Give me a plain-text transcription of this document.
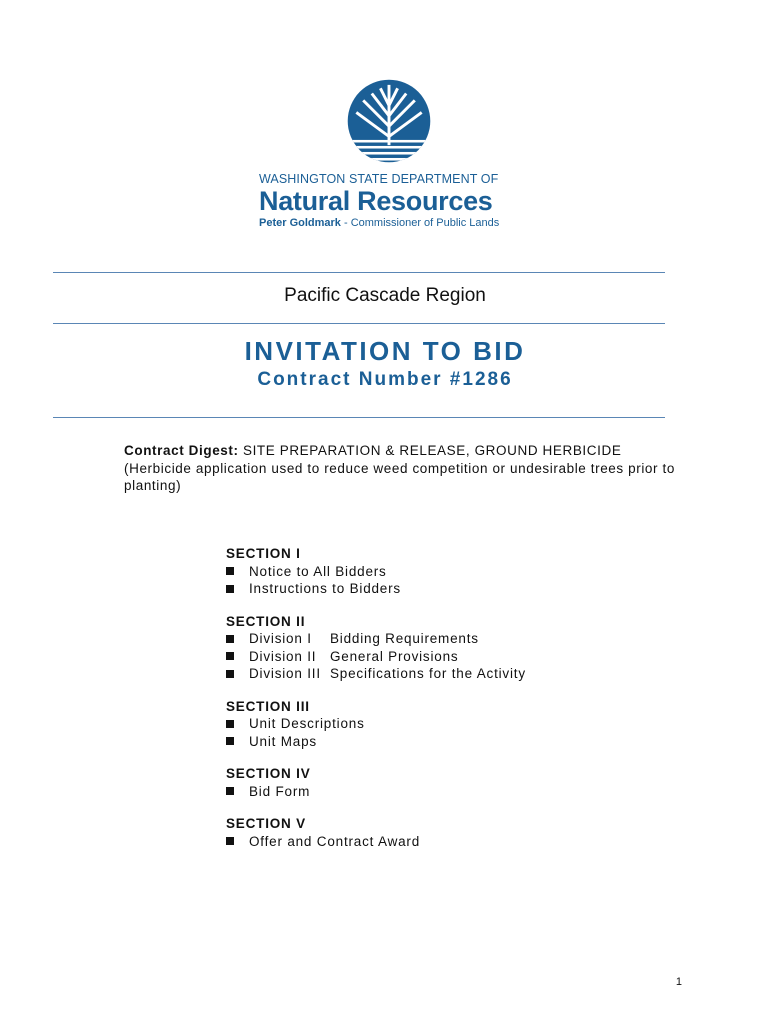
WASHINGTON STATE DEPARTMENT OF
Natural Resources
Peter Goldmark - Commissioner of Public Lands
Pacific Cascade Region
INVITATION TO BID
Contract Number #1286
Contract Digest: SITE PREPARATION & RELEASE, GROUND HERBICIDE (Herbicide application used to reduce weed competition or undesirable trees prior to planting)
SECTION I
Notice to All Bidders
Instructions to Bidders
SECTION II
Division I	Bidding Requirements
Division II	General Provisions
Division III Specifications for the Activity
SECTION III
Unit Descriptions
Unit Maps
SECTION IV
Bid Form
SECTION V
Offer and Contract Award
1
